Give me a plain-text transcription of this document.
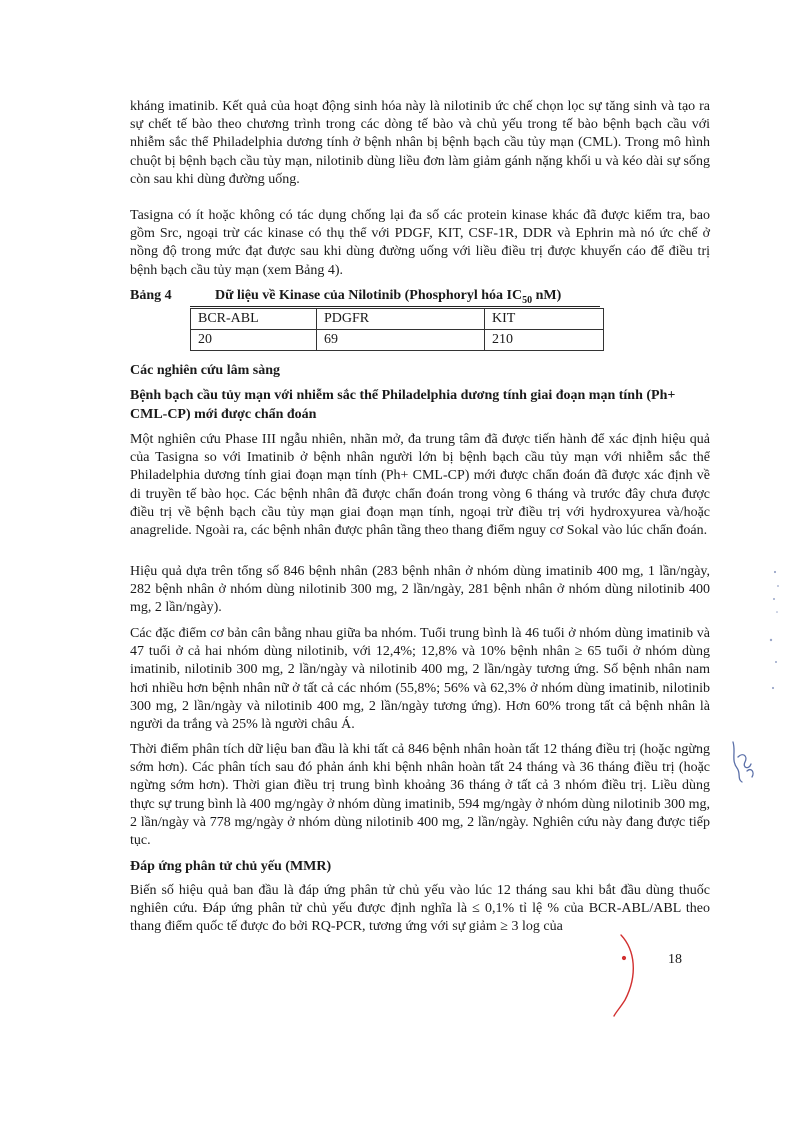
kháng imatinib. Kết quả của hoạt động sinh hóa này là nilotinib ức chế chọn lọc sự tăng sinh và tạo ra sự chết tế bào theo chương trình trong các dòng tế bào và chủ yếu trong tế bào bệnh bạch cầu với nhiễm sắc thể Philadelphia dương tính ở bệnh nhân bị bệnh bạch cầu tủy mạn (CML). Trong mô hình chuột bị bệnh bạch cầu tủy mạn, nilotinib dùng liều đơn làm giảm gánh nặng khối u và kéo dài sự sống còn sau khi dùng đường uống.

Tasigna có ít hoặc không có tác dụng chống lại đa số các protein kinase khác đã được kiểm tra, bao gồm Src, ngoại trừ các kinase có thụ thể với PDGF, KIT, CSF-1R, DDR và Ephrin mà nó ức chế ở nồng độ trong mức đạt được sau khi dùng đường uống với liều điều trị được khuyến cáo để điều trị bệnh bạch cầu tủy mạn (xem Bảng 4).

Bảng 4	Dữ liệu về Kinase của Nilotinib (Phosphoryl hóa $IC_{50}$ nM)
BCR-ABL	PDGFR	KIT
20	69	210

Các nghiên cứu lâm sàng

Bệnh bạch cầu tủy mạn với nhiễm sắc thể Philadelphia dương tính giai đoạn mạn tính (Ph+ CML-CP) mới được chẩn đoán

Một nghiên cứu Phase III ngẫu nhiên, nhãn mở, đa trung tâm đã được tiến hành để xác định hiệu quả của Tasigna so với Imatinib ở bệnh nhân người lớn bị bệnh bạch cầu tủy mạn với nhiễm sắc thể Philadelphia dương tính giai đoạn mạn tính (Ph+ CML-CP) mới được chẩn đoán đã được xác định về di truyền tế bào học. Các bệnh nhân đã được chẩn đoán trong vòng 6 tháng và trước đây chưa được điều trị về bệnh bạch cầu tủy mạn giai đoạn mạn tính, ngoại trừ điều trị với hydroxyurea và/hoặc anagrelide. Ngoài ra, các bệnh nhân được phân tầng theo thang điểm nguy cơ Sokal vào lúc chẩn đoán.

Hiệu quả dựa trên tổng số 846 bệnh nhân (283 bệnh nhân ở nhóm dùng imatinib 400 mg, 1 lần/ngày, 282 bệnh nhân ở nhóm dùng nilotinib 300 mg, 2 lần/ngày, 281 bệnh nhân ở nhóm dùng nilotinib 400 mg, 2 lần/ngày).

Các đặc điểm cơ bản cân bằng nhau giữa ba nhóm. Tuổi trung bình là 46 tuổi ở nhóm dùng imatinib và 47 tuổi ở cả hai nhóm dùng nilotinib, với 12,4%; 12,8% và 10% bệnh nhân ≥ 65 tuổi ở nhóm dùng imatinib, nilotinib 300 mg, 2 lần/ngày và nilotinib 400 mg, 2 lần/ngày tương ứng. Số bệnh nhân nam hơi nhiều hơn bệnh nhân nữ ở tất cả các nhóm (55,8%; 56% và 62,3% ở nhóm dùng imatinib, nilotinib 300 mg, 2 lần/ngày và nilotinib 400 mg, 2 lần/ngày tương ứng). Hơn 60% trong tất cả bệnh nhân là người da trắng và 25% là người châu Á.

Thời điểm phân tích dữ liệu ban đầu là khi tất cả 846 bệnh nhân hoàn tất 12 tháng điều trị (hoặc ngừng sớm hơn). Các phân tích sau đó phản ánh khi bệnh nhân hoàn tất 24 tháng và 36 tháng điều trị (hoặc ngừng sớm hơn). Thời gian điều trị trung bình khoảng 36 tháng ở tất cả 3 nhóm điều trị. Liều dùng thực sự trung bình là 400 mg/ngày ở nhóm dùng imatinib, 594 mg/ngày ở nhóm dùng nilotinib 300 mg, 2 lần/ngày và 778 mg/ngày ở nhóm dùng nilotinib 400 mg, 2 lần/ngày. Nghiên cứu này đang được tiếp tục.

Đáp ứng phân tử chủ yếu (MMR)

Biến số hiệu quả ban đầu là đáp ứng phân tử chủ yếu vào lúc 12 tháng sau khi bắt đầu dùng thuốc nghiên cứu. Đáp ứng phân tử chủ yếu được định nghĩa là ≤ 0,1% tỉ lệ % của BCR-ABL/ABL theo thang điểm quốc tế được đo bởi RQ-PCR, tương ứng với sự giảm ≥ 3 log của

18
